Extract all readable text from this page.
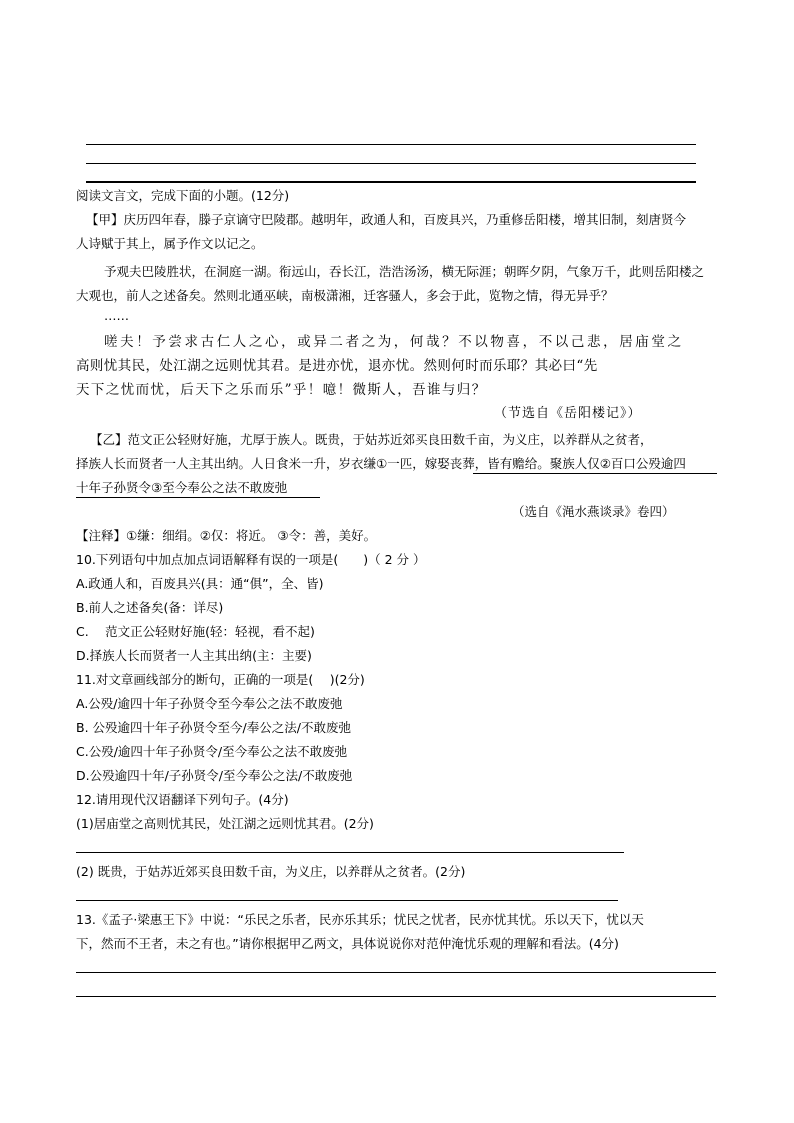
阅读文言文，完成下面的小题。(12分)
【甲】庆历四年春，滕子京谪守巴陵郡。越明年，政通人和，百废具兴，乃重修岳阳楼，增其旧制，刻唐贤今
人诗赋于其上，属予作文以记之。
予观夫巴陵胜状，在洞庭一湖。衔远山，吞长江，浩浩汤汤，横无际涯；朝晖夕阴，气象万千，此则岳阳楼之
大观也，前人之述备矣。然则北通巫峡，南极潇湘，迁客骚人，多会于此，览物之情，得无异乎？
……
嗟夫！予尝求古仁人之心，或异二者之为，何哉？不以物喜，不以己悲，居庙堂之
高则忧其民，处江湖之远则忧其君。是进亦忧，退亦忧。然则何时而乐耶？其必曰“先
天下之忧而忧，后天下之乐而乐”乎！噫！微斯人，吾谁与归？
（节选自《岳阳楼记》）
【乙】范文正公轻财好施，尤厚于族人。既贵，于姑苏近郊买良田数千亩，为义庄，以养群从之贫者，
择族人长而贤者一人主其出纳。人日食米一升，岁衣缣①一匹，嫁娶丧葬，皆有赡给。聚族人仅②百口公殁逾四
十年子孙贤令③至今奉公之法不敢废弛
（选自《渑水燕谈录》卷四）
【注释】①缣：细绢。②仅：将近。 ③令：善，美好。
10.下列语句中加点加点词语解释有误的一项是(　　)（ 2 分 ）
A.政通人和，百废具兴(具：通“俱”，全、皆)
B.前人之述备矣(备：详尽)
C.　 范文正公轻财好施(轻：轻视，看不起)
D.择族人长而贤者一人主其出纳(主：主要)
11.对文章画线部分的断句，正确的一项是(　 )(2分)
A.公殁/逾四十年子孙贤令至今奉公之法不敢废弛
B. 公殁逾四十年子孙贤令至今/奉公之法/不敢废弛
C.公殁/逾四十年子孙贤令/至今奉公之法不敢废弛
D.公殁逾四十年/子孙贤令/至今奉公之法/不敢废弛
12.请用现代汉语翻译下列句子。(4分)
(1)居庙堂之高则忧其民，处江湖之远则忧其君。(2分)
(2) 既贵，于姑苏近郊买良田数千亩，为义庄，以养群从之贫者。(2分)
13.《孟子·梁惠王下》中说：“乐民之乐者，民亦乐其乐；忧民之忧者，民亦忧其忧。乐以天下，忧以天
下，然而不王者，未之有也。”请你根据甲乙两文，具体说说你对范仲淹忧乐观的理解和看法。(4分)
